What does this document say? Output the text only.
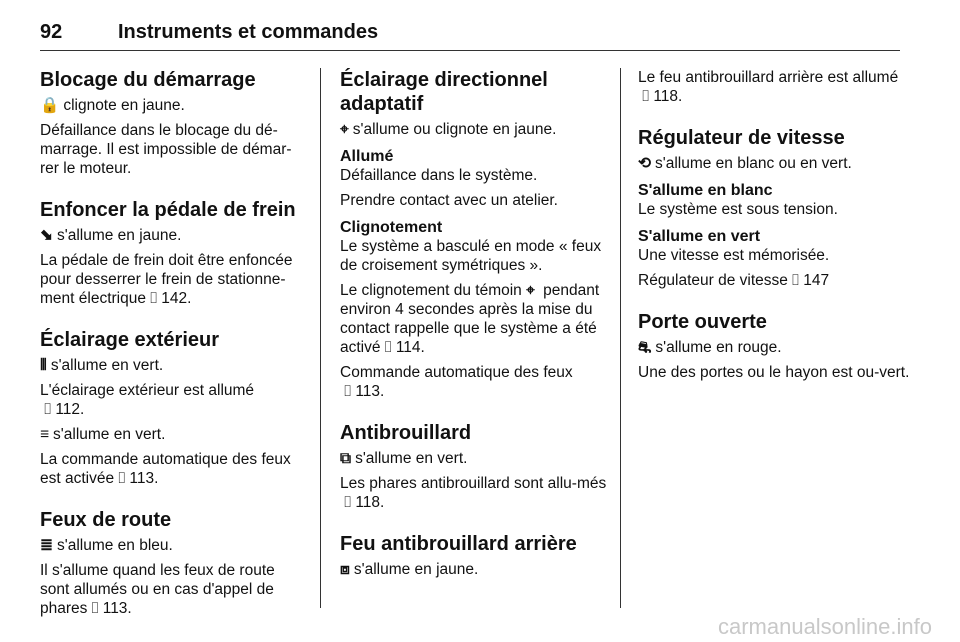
92	Instruments et commandes
Blocage du démarrage

🔒 clignote en jaune.

Défaillance dans le blocage du dé-marrage. Il est impossible de démar-rer le moteur.

Enfoncer la pédale de frein

⬊ s'allume en jaune.

La pédale de frein doit être enfoncée pour desserrer le frein de stationne-ment électrique ⌷ 142.

Éclairage extérieur

⦀ s'allume en vert.

L'éclairage extérieur est allumé
⌷ 112.

≡ s'allume en vert.

La commande automatique des feux est activée ⌷ 113.

Feux de route

≣ s'allume en bleu.

Il s'allume quand les feux de route sont allumés ou en cas d'appel de phares ⌷ 113.

Éclairage directionnel adaptatif

⌖ s'allume ou clignote en jaune.

Allumé

Défaillance dans le système.

Prendre contact avec un atelier.

Clignotement

Le système a basculé en mode « feux de croisement symétriques ».

Le clignotement du témoin ⌖ pendant environ 4 secondes après la mise du contact rappelle que le système a été activé ⌷ 114.

Commande automatique des feux
⌷ 113.

Antibrouillard

⧉ s'allume en vert.

Les phares antibrouillard sont allu-més⌷ 118.

Feu antibrouillard arrière

⧈ s'allume en jaune.

Le feu antibrouillard arrière est allumé
⌷ 118.

Régulateur de vitesse

⟲ s'allume en blanc ou en vert.

S'allume en blanc

Le système est sous tension.

S'allume en vert

Une vitesse est mémorisée.

Régulateur de vitesse ⌷ 147

Porte ouverte

⛐ s'allume en rouge.

Une des portes ou le hayon est ou-vert.

carmanualsonline.info
